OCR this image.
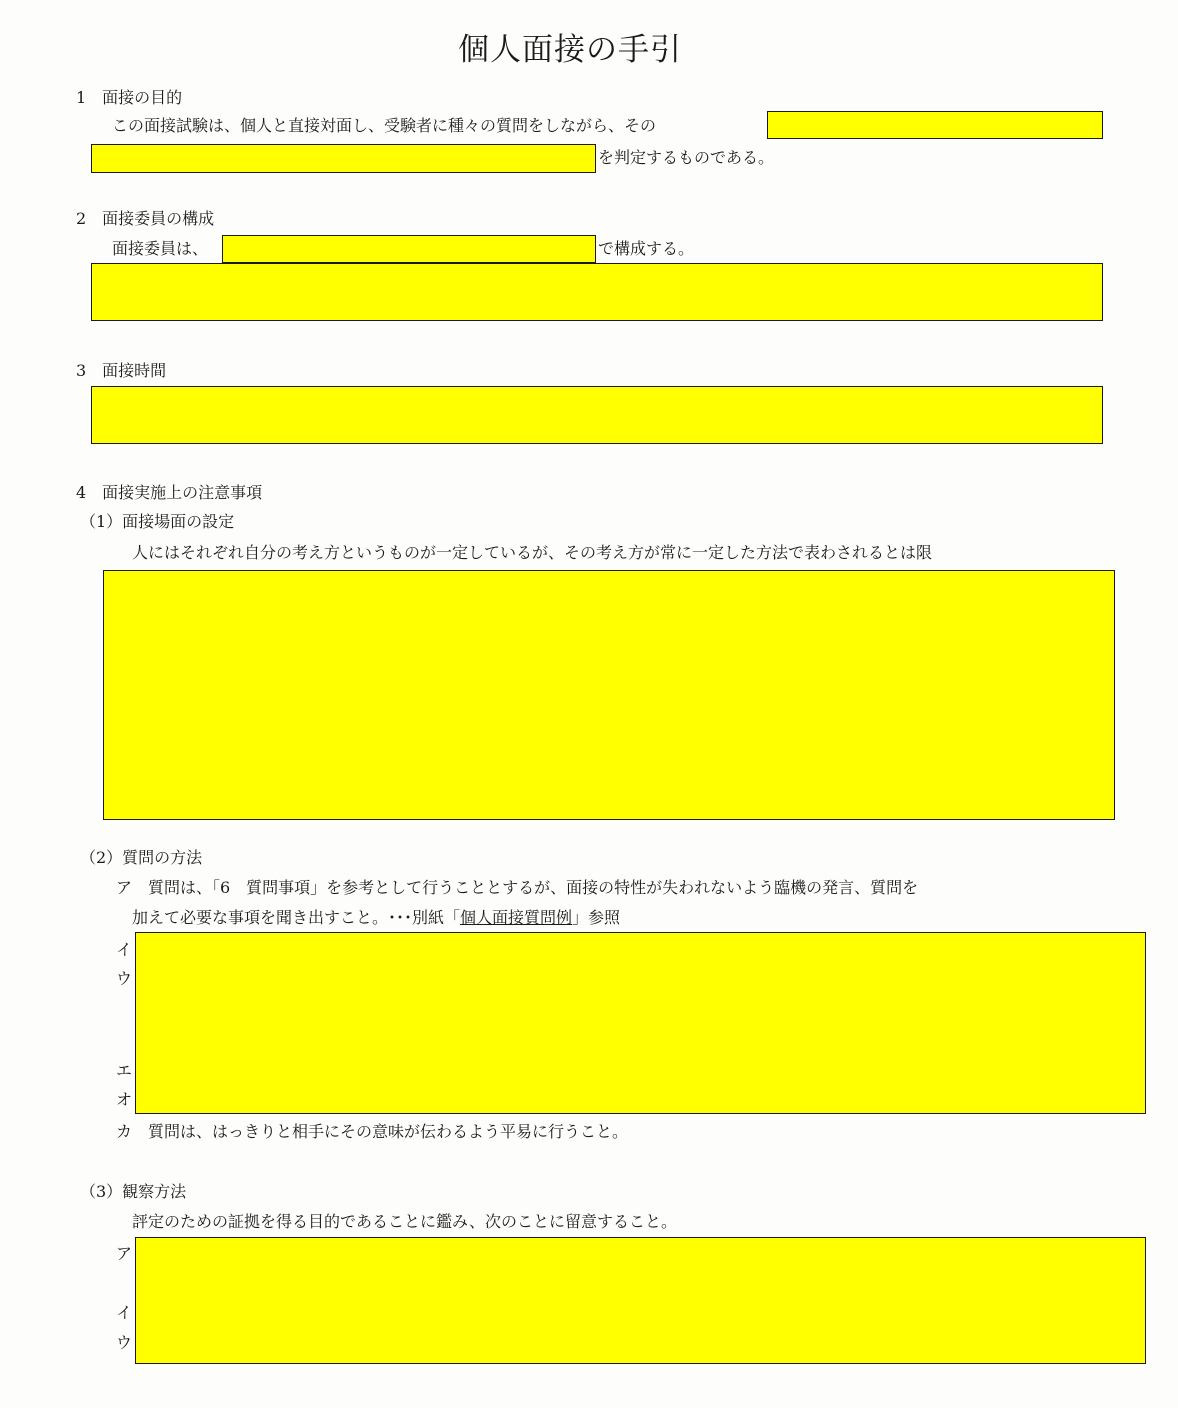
個人面接の手引
1　面接の目的
この面接試験は、個人と直接対面し、受験者に種々の質問をしながら、その
を判定するものである。
2　面接委員の構成
面接委員は、	で構成する。
3　面接時間
4　面接実施上の注意事項
（1）面接場面の設定
人にはそれぞれ自分の考え方というものが一定しているが、その考え方が常に一定した方法で表わされるとは限
（2）質問の方法
ア　質問は、「6　質問事項」を参考として行うこととするが、面接の特性が失われないよう臨機の発言、質問を
加えて必要な事項を聞き出すこと。･･･別紙「個人面接質問例」参照
イ
ウ
エ
オ
カ　質問は、はっきりと相手にその意味が伝わるよう平易に行うこと。
（3）観察方法
評定のための証拠を得る目的であることに鑑み、次のことに留意すること。
ア
イ
ウ
